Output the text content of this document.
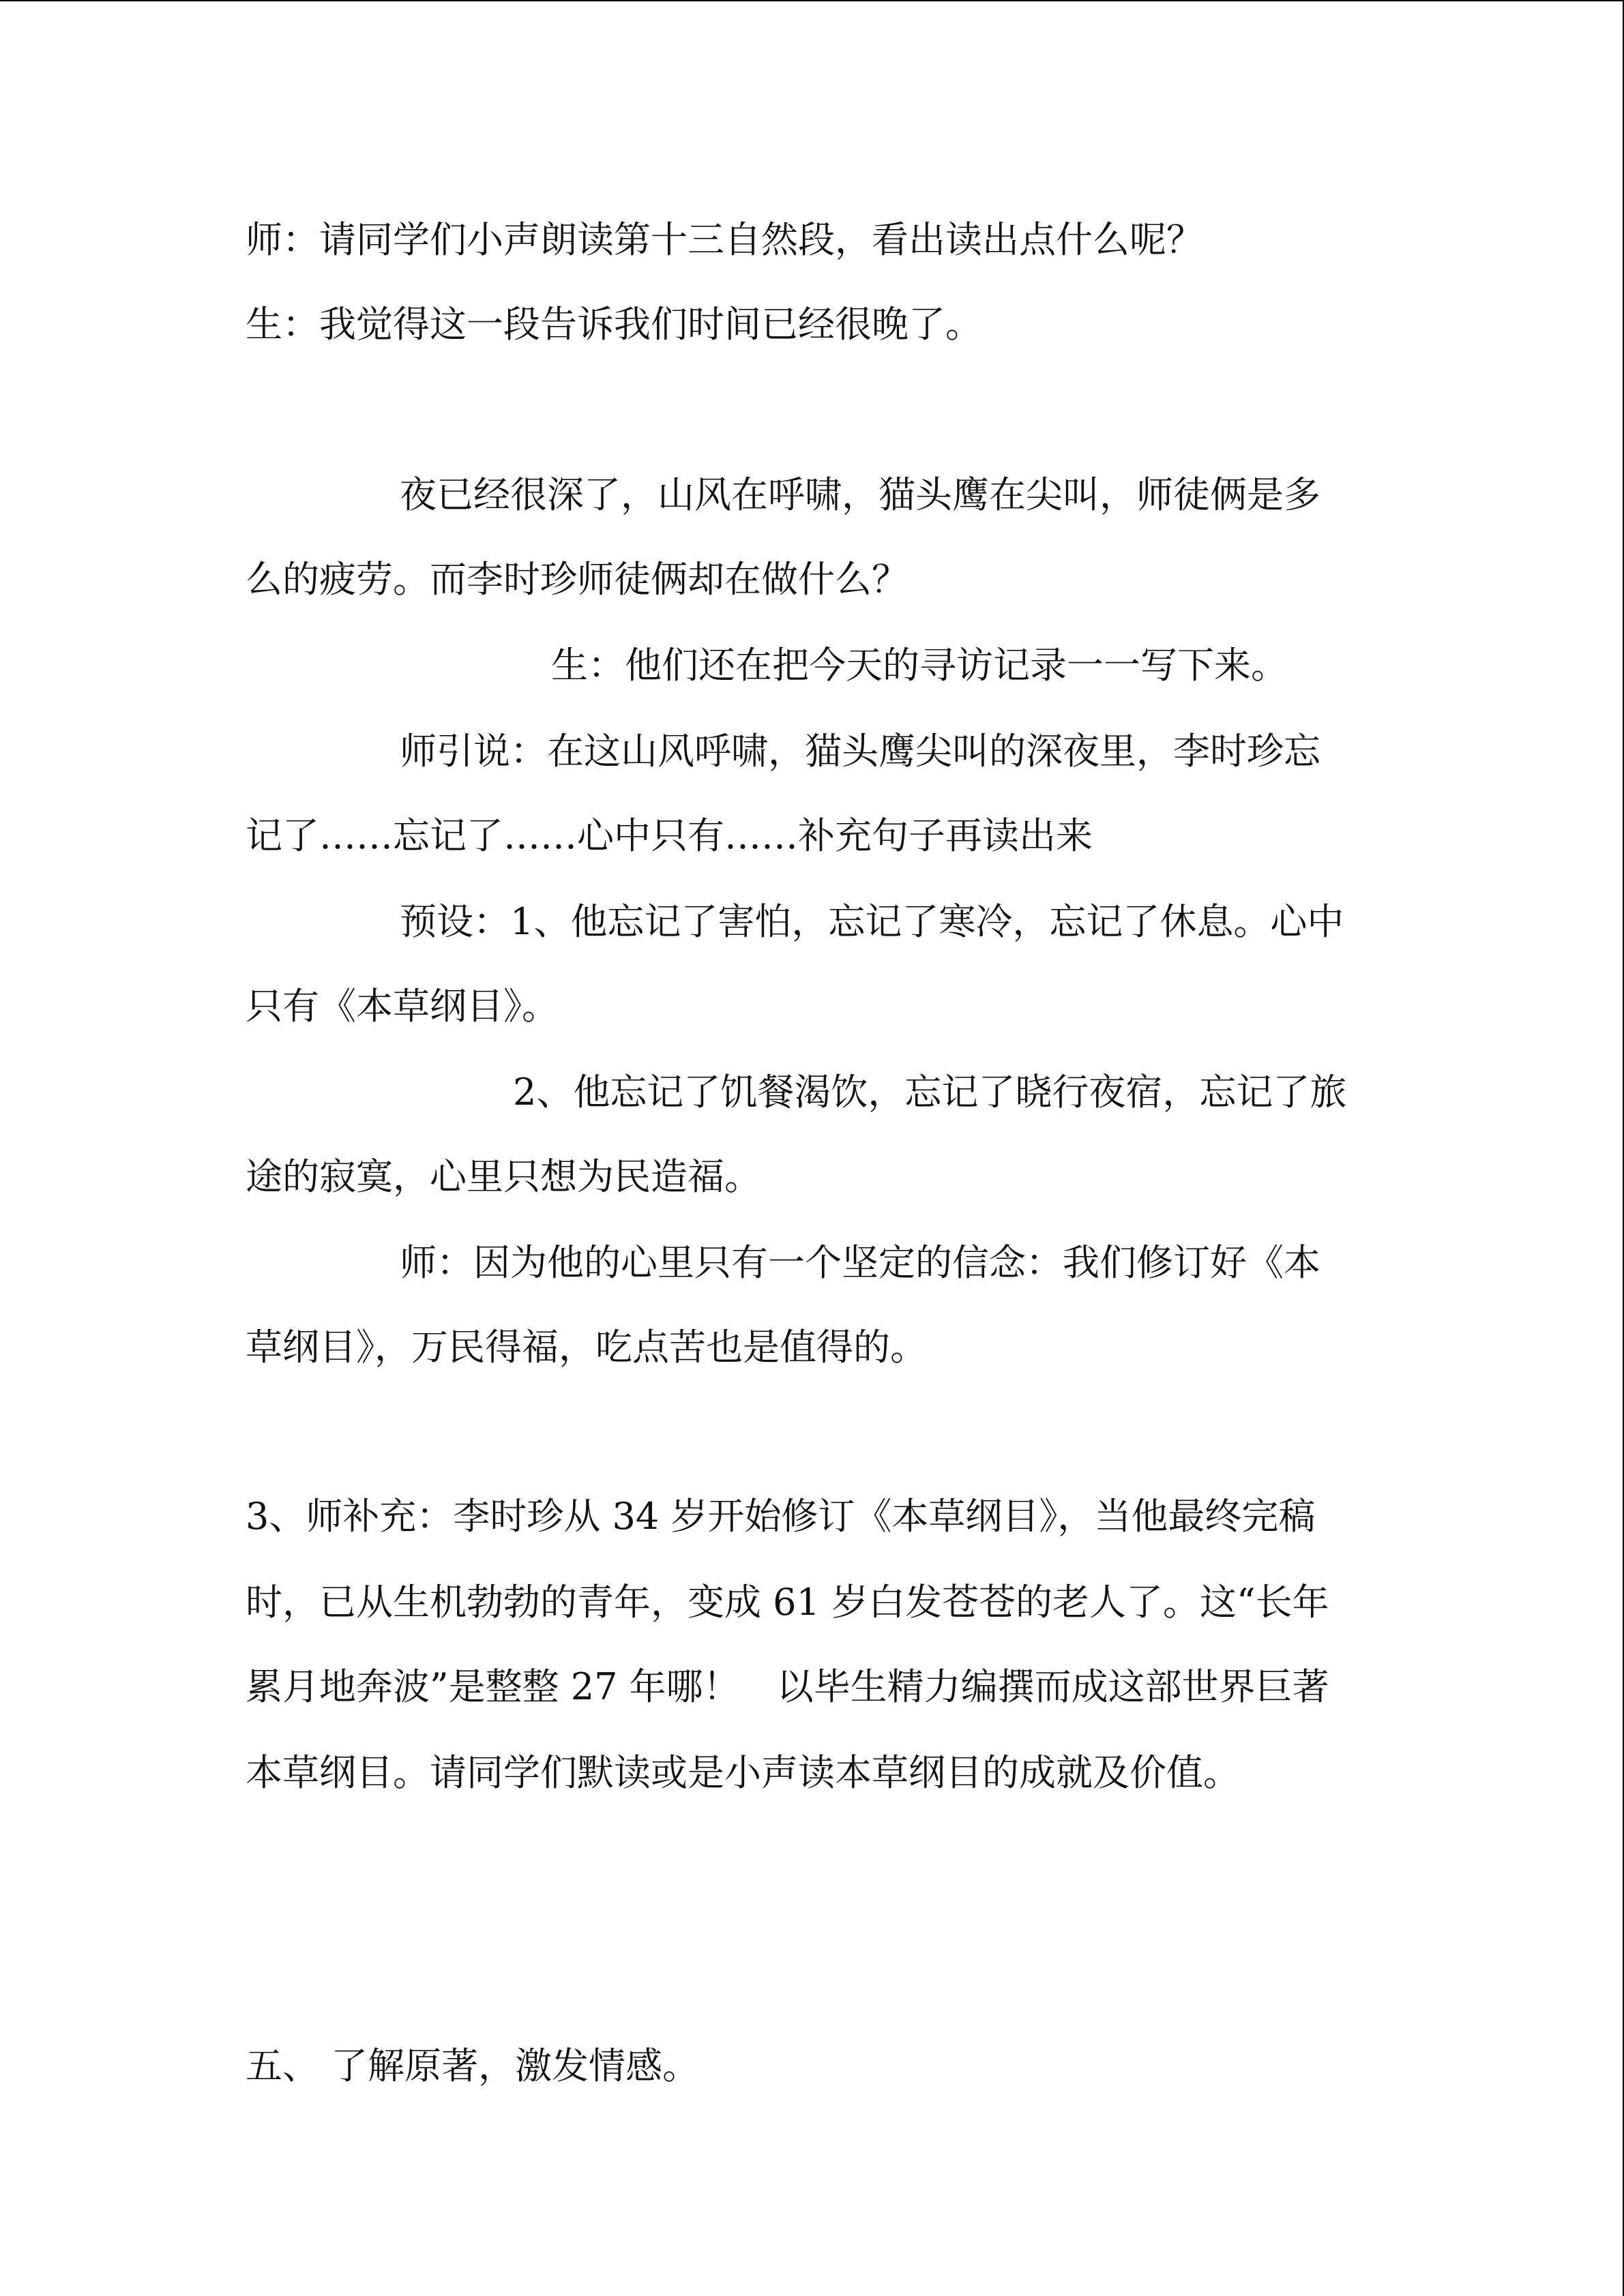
师：请同学们小声朗读第十三自然段，看出读出点什么呢？
生：我觉得这一段告诉我们时间已经很晚了。
夜已经很深了，山风在呼啸，猫头鹰在尖叫，师徒俩是多
么的疲劳。而李时珍师徒俩却在做什么？
生：他们还在把今天的寻访记录一一写下来。
师引说：在这山风呼啸，猫头鹰尖叫的深夜里，李时珍忘
记了……忘记了……心中只有……补充句子再读出来
预设：1、他忘记了害怕，忘记了寒冷，忘记了休息。心中
只有《本草纲目》。
2、他忘记了饥餐渴饮，忘记了晓行夜宿，忘记了旅
途的寂寞，心里只想为民造福。
师：因为他的心里只有一个坚定的信念：我们修订好《本
草纲目》，万民得福，吃点苦也是值得的。
3、师补充：李时珍从 34 岁开始修订《本草纲目》，当他最终完稿
时，已从生机勃勃的青年，变成 61 岁白发苍苍的老人了。这“长年
累月地奔波”是整整 27 年哪！　以毕生精力编撰而成这部世界巨著
本草纲目。请同学们默读或是小声读本草纲目的成就及价值。
五、 了解原著，激发情感。
